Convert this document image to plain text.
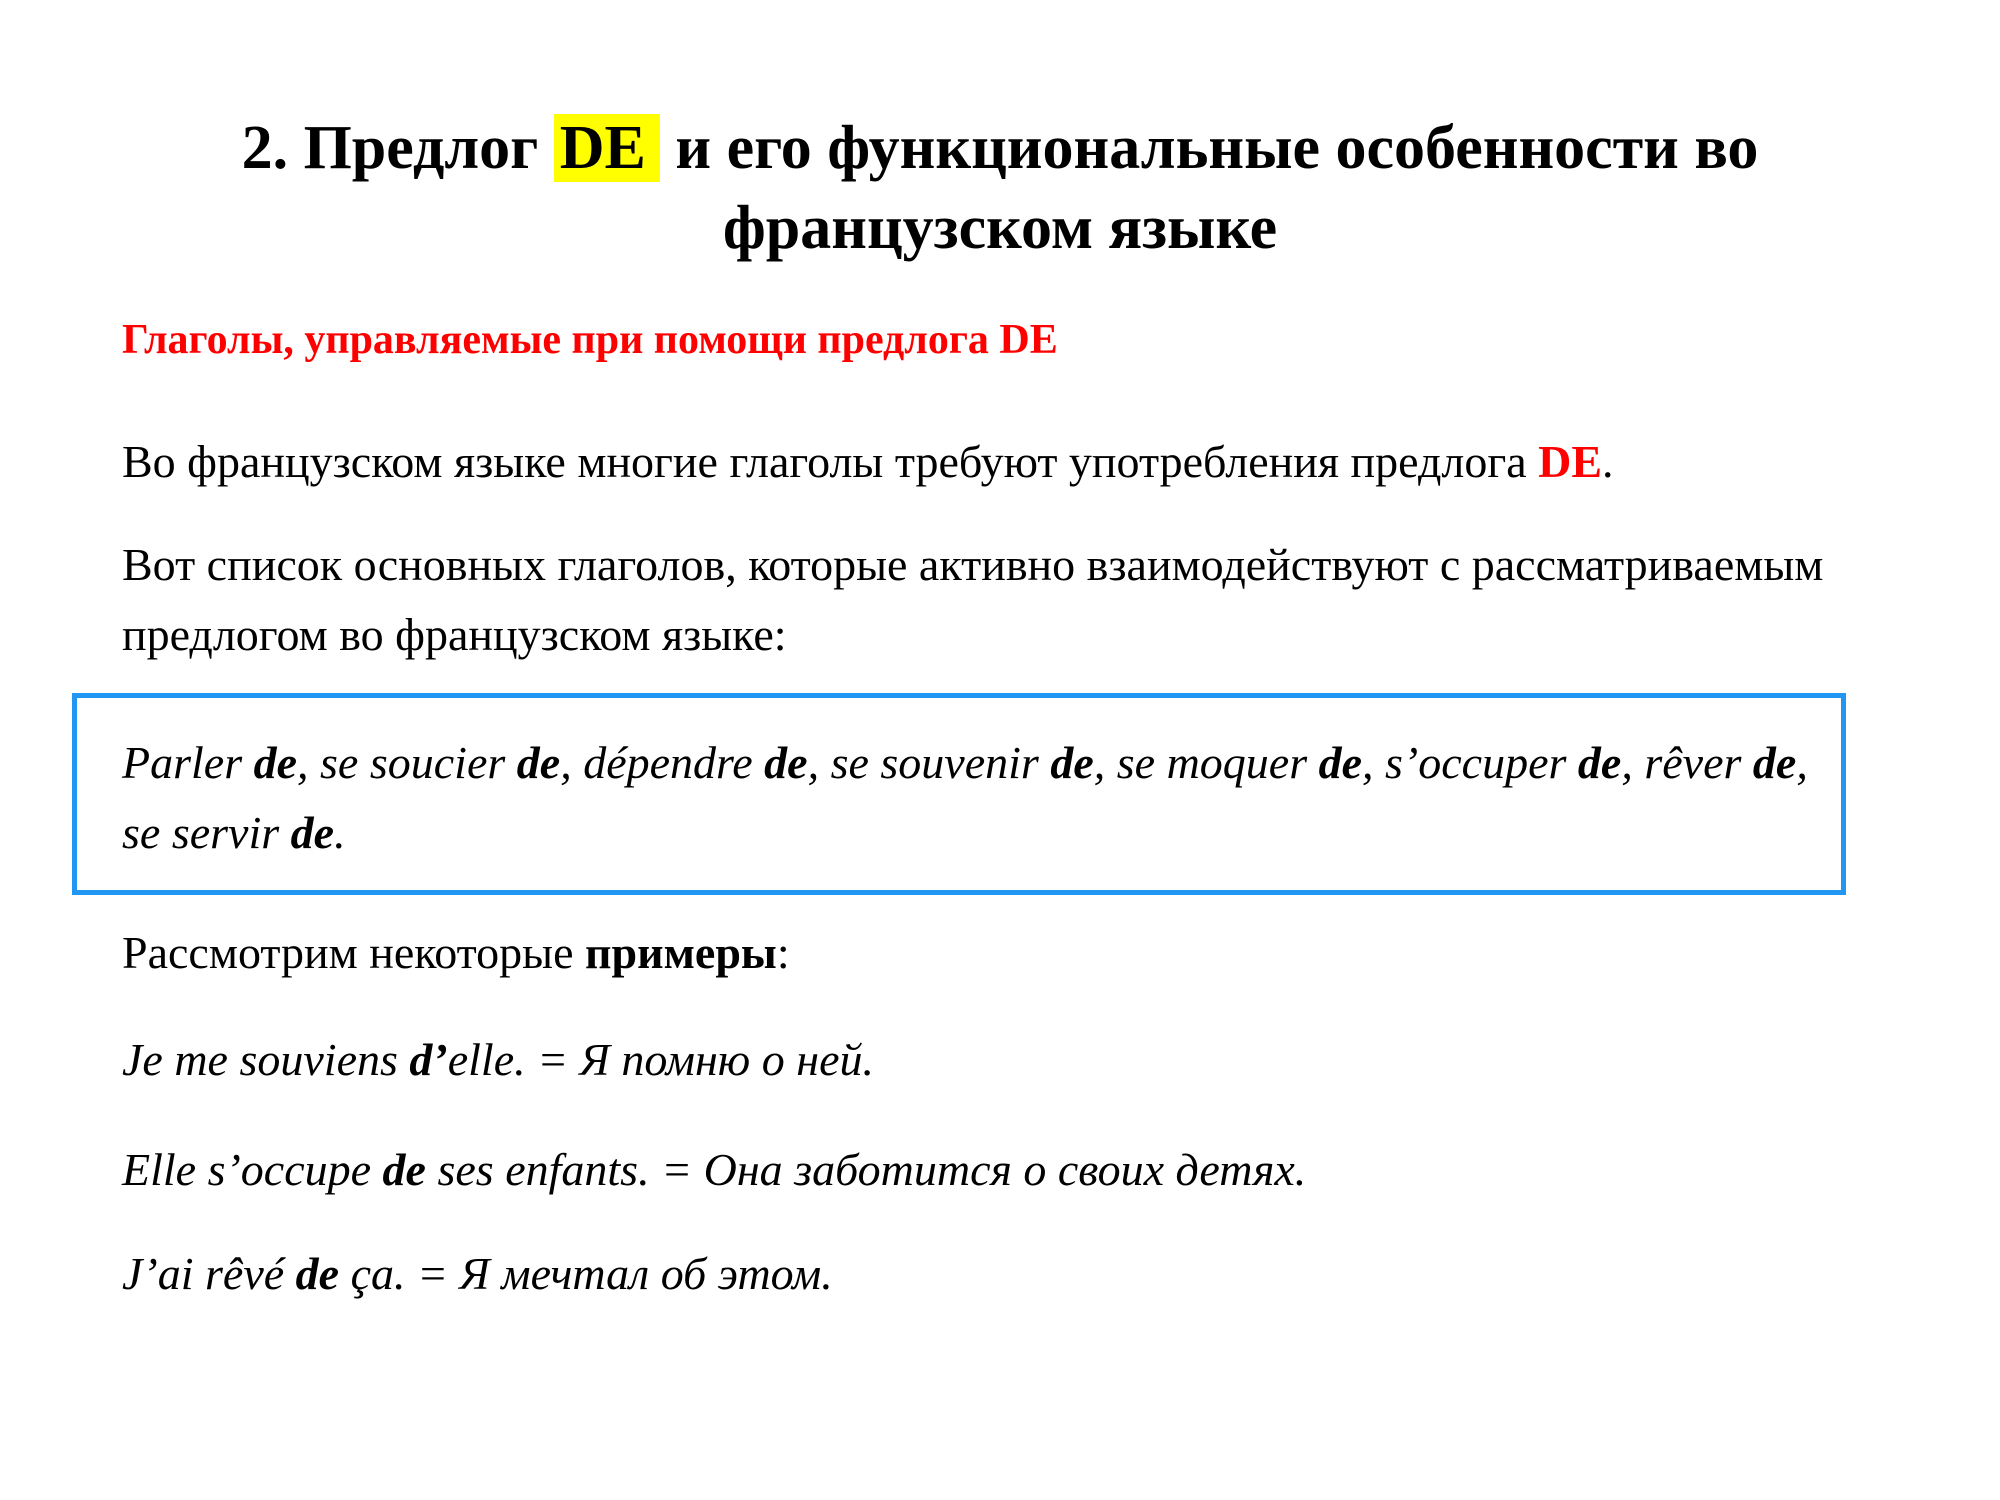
2. Предлог DE и его функциональные особенности во французском языке

Глаголы, управляемые при помощи предлога DE

Во французском языке многие глаголы требуют употребления предлога DE.

Вот список основных глаголов, которые активно взаимодействуют с рассматриваемым предлогом во французском языке:

Parler de, se soucier de, dépendre de, se souvenir de, se moquer de, s’occuper de, rêver de, se servir de.

Рассмотрим некоторые примеры:

Je me souviens d’elle. = Я помню о ней.

Elle s’occupe de ses enfants. = Она заботится о своих детях.

J’ai rêvé de ça. = Я мечтал об этом.
